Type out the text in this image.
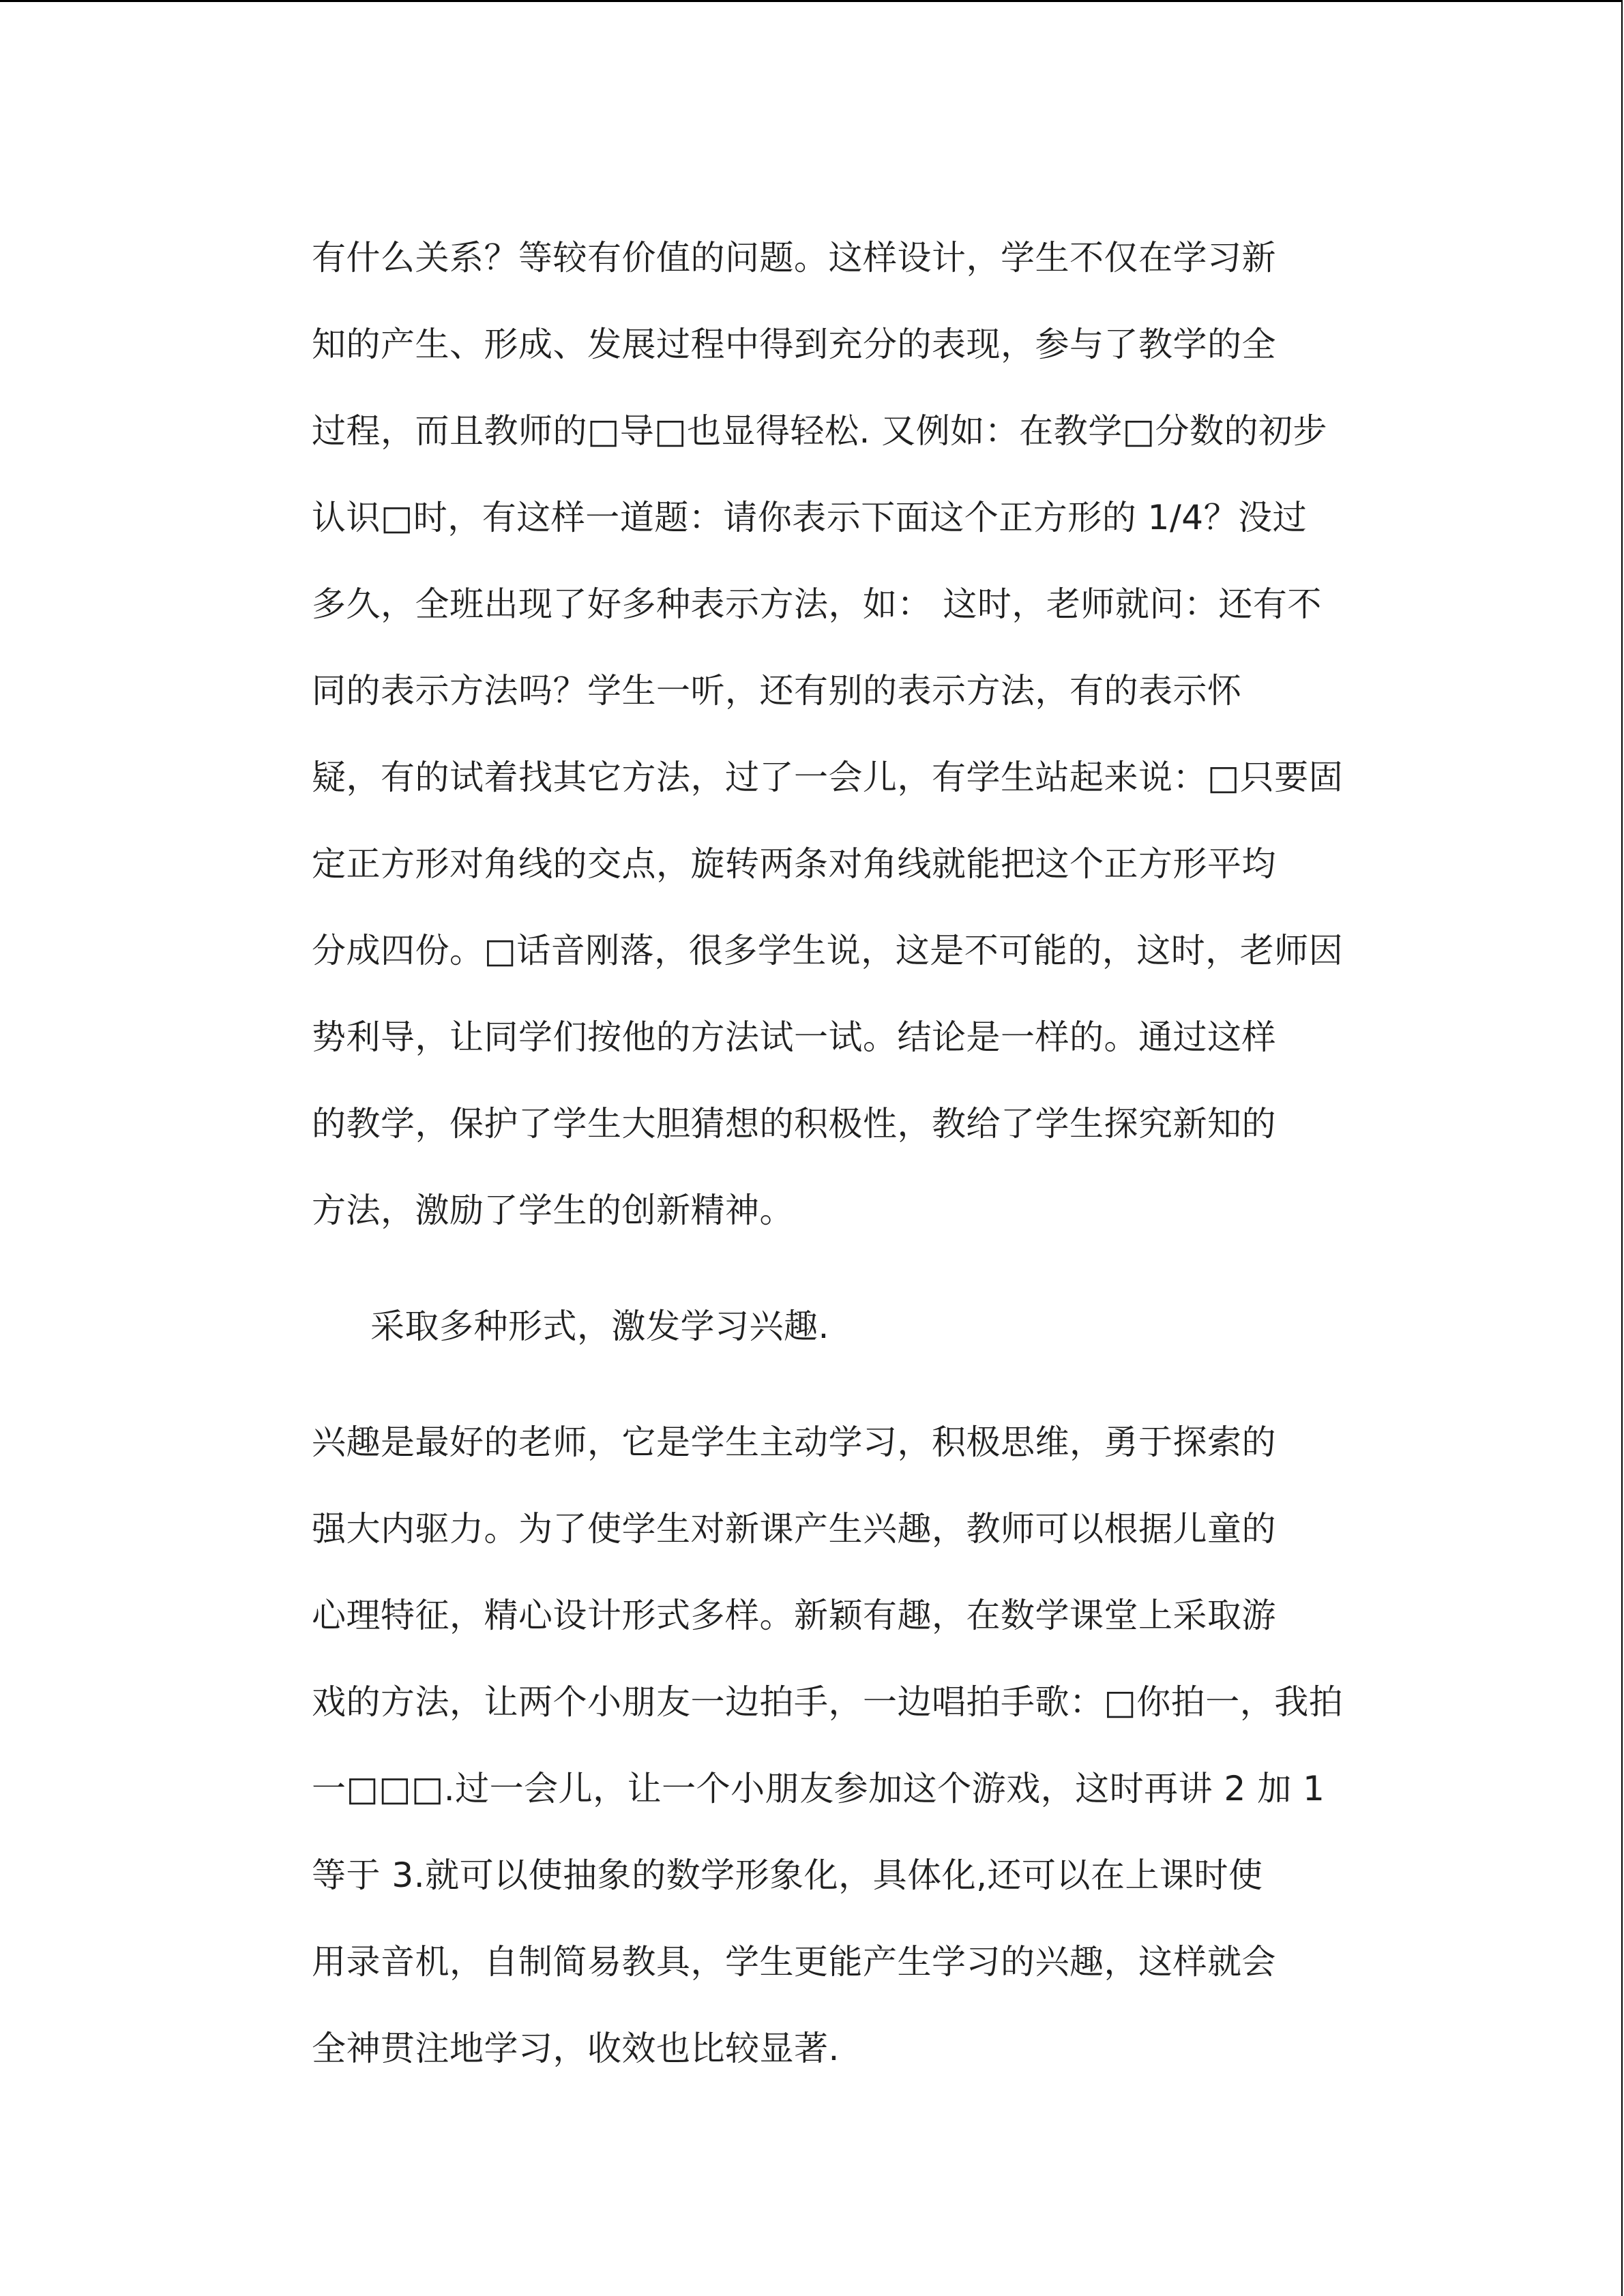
有什么关系？等较有价值的问题。这样设计，学生不仅在学习新
知的产生、形成、发展过程中得到充分的表现，参与了教学的全
过程，而且教师的□导□也显得轻松. 又例如：在教学□分数的初步
认识□时，有这样一道题：请你表示下面这个正方形的 1/4？没过
多久，全班出现了好多种表示方法，如： 这时，老师就问：还有不
同的表示方法吗？学生一听，还有别的表示方法，有的表示怀
疑，有的试着找其它方法，过了一会儿，有学生站起来说：□只要固
定正方形对角线的交点，旋转两条对角线就能把这个正方形平均
分成四份。□话音刚落，很多学生说，这是不可能的，这时，老师因
势利导，让同学们按他的方法试一试。结论是一样的。通过这样
的教学，保护了学生大胆猜想的积极性，教给了学生探究新知的
方法，激励了学生的创新精神。
采取多种形式，激发学习兴趣.
兴趣是最好的老师，它是学生主动学习，积极思维，勇于探索的
强大内驱力。为了使学生对新课产生兴趣，教师可以根据儿童的
心理特征，精心设计形式多样。新颖有趣，在数学课堂上采取游
戏的方法，让两个小朋友一边拍手，一边唱拍手歌：□你拍一，我拍
一□□□.过一会儿，让一个小朋友参加这个游戏，这时再讲 2 加 1
等于 3.就可以使抽象的数学形象化，具体化,还可以在上课时使
用录音机，自制简易教具，学生更能产生学习的兴趣，这样就会
全神贯注地学习，收效也比较显著.
